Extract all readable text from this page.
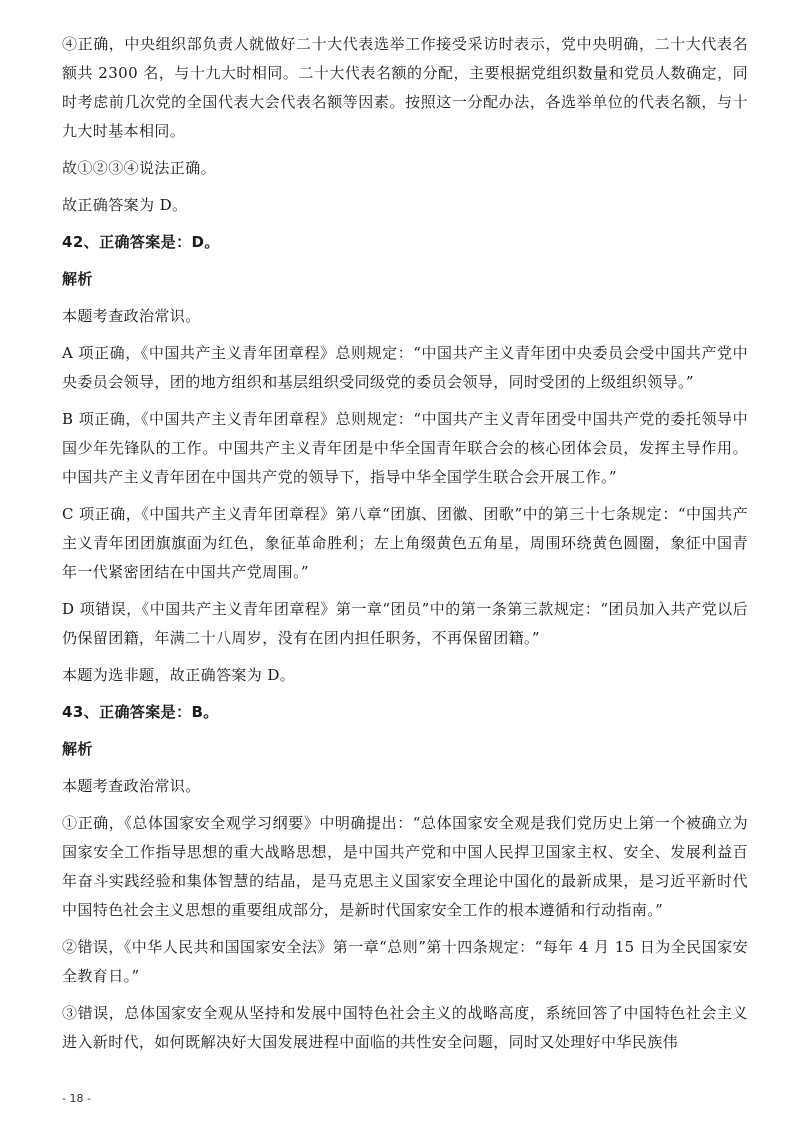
④正确，中央组织部负责人就做好二十大代表选举工作接受采访时表示，党中央明确，二十大代表名额共 2300 名，与十九大时相同。二十大代表名额的分配，主要根据党组织数量和党员人数确定，同时考虑前几次党的全国代表大会代表名额等因素。按照这一分配办法，各选举单位的代表名额，与十九大时基本相同。

故①②③④说法正确。

故正确答案为 D。

42、正确答案是：D。

解析

本题考查政治常识。

A 项正确，《中国共产主义青年团章程》总则规定：“中国共产主义青年团中央委员会受中国共产党中央委员会领导，团的地方组织和基层组织受同级党的委员会领导，同时受团的上级组织领导。”

B 项正确，《中国共产主义青年团章程》总则规定：“中国共产主义青年团受中国共产党的委托领导中国少年先锋队的工作。中国共产主义青年团是中华全国青年联合会的核心团体会员，发挥主导作用。中国共产主义青年团在中国共产党的领导下，指导中华全国学生联合会开展工作。”

C 项正确，《中国共产主义青年团章程》第八章“团旗、团徽、团歌”中的第三十七条规定：“中国共产主义青年团团旗旗面为红色，象征革命胜利；左上角缀黄色五角星，周围环绕黄色圆圈，象征中国青年一代紧密团结在中国共产党周围。”

D 项错误，《中国共产主义青年团章程》第一章“团员”中的第一条第三款规定：“团员加入共产党以后仍保留团籍，年满二十八周岁，没有在团内担任职务，不再保留团籍。”

本题为选非题，故正确答案为 D。

43、正确答案是：B。

解析

本题考查政治常识。

①正确，《总体国家安全观学习纲要》中明确提出：“总体国家安全观是我们党历史上第一个被确立为国家安全工作指导思想的重大战略思想，是中国共产党和中国人民捍卫国家主权、安全、发展利益百年奋斗实践经验和集体智慧的结晶，是马克思主义国家安全理论中国化的最新成果，是习近平新时代中国特色社会主义思想的重要组成部分，是新时代国家安全工作的根本遵循和行动指南。”

②错误，《中华人民共和国国家安全法》第一章“总则”第十四条规定：“每年 4 月 15 日为全民国家安全教育日。”

③错误，总体国家安全观从坚持和发展中国特色社会主义的战略高度，系统回答了中国特色社会主义进入新时代，如何既解决好大国发展进程中面临的共性安全问题，同时又处理好中华民族伟

- 18 -
